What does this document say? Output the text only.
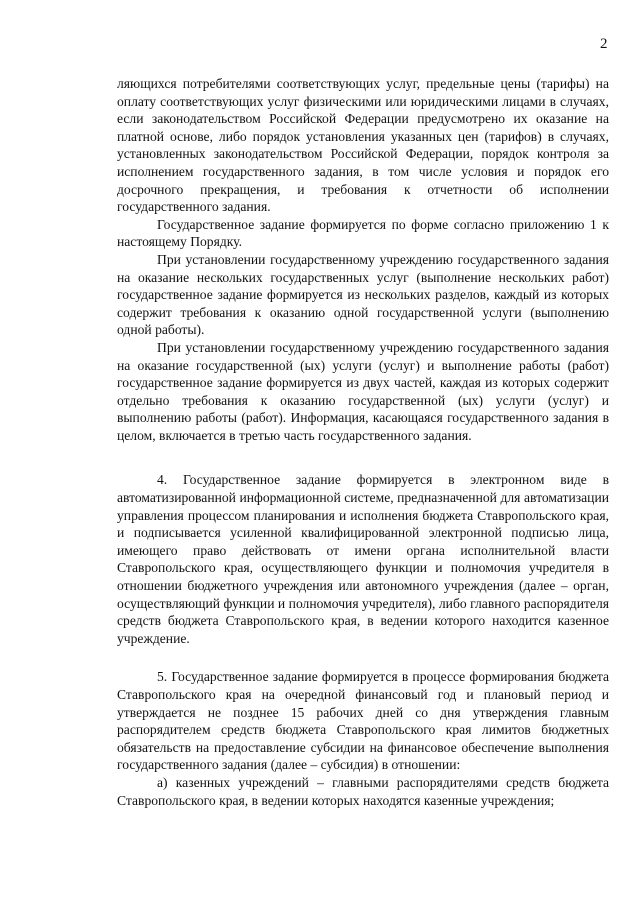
2

ляющихся потребителями соответствующих услуг, предельные цены (тарифы) на оплату соответствующих услуг физическими или юридическими лицами в случаях, если законодательством Российской Федерации предусмотрено их оказание на платной основе, либо порядок установления указанных цен (тарифов) в случаях, установленных законодательством Российской Федерации, порядок контроля за исполнением государственного задания, в том числе условия и порядок его досрочного прекращения, и требования к отчетности об исполнении государственного задания.

Государственное задание формируется по форме согласно приложению 1 к настоящему Порядку.

При установлении государственному учреждению государственного задания на оказание нескольких государственных услуг (выполнение нескольких работ) государственное задание формируется из нескольких разделов, каждый из которых содержит требования к оказанию одной государственной услуги (выполнению одной работы).

При установлении государственному учреждению государственного задания на оказание государственной (ых) услуги (услуг) и выполнение работы (работ) государственное задание формируется из двух частей, каждая из которых содержит отдельно требования к оказанию государственной (ых) услуги (услуг) и выполнению работы (работ). Информация, касающаяся государственного задания в целом, включается в третью часть государственного задания.

4. Государственное задание формируется в электронном виде в автоматизированной информационной системе, предназначенной для автоматизации управления процессом планирования и исполнения бюджета Ставропольского края, и подписывается усиленной квалифицированной электронной подписью лица, имеющего право действовать от имени органа исполнительной власти Ставропольского края, осуществляющего функции и полномочия учредителя в отношении бюджетного учреждения или автономного учреждения (далее – орган, осуществляющий функции и полномочия учредителя), либо главного распорядителя средств бюджета Ставропольского края, в ведении которого находится казенное учреждение.

5. Государственное задание формируется в процессе формирования бюджета Ставропольского края на очередной финансовый год и плановый период и утверждается не позднее 15 рабочих дней со дня утверждения главным распорядителем средств бюджета Ставропольского края лимитов бюджетных обязательств на предоставление субсидии на финансовое обеспечение выполнения государственного задания (далее – субсидия) в отношении:

а) казенных учреждений – главными распорядителями средств бюджета Ставропольского края, в ведении которых находятся казенные учреждения;
